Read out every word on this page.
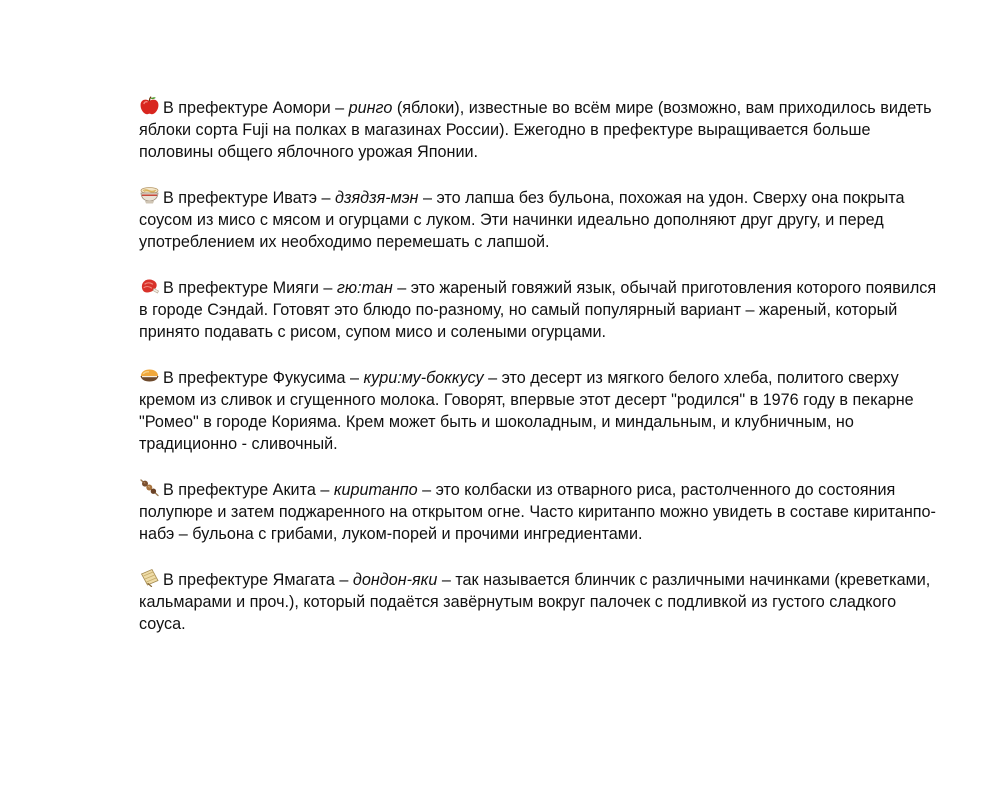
В префектуре Аомори – ринго (яблоки), известные во всём мире (возможно, вам приходилось видеть яблоки сорта Fuji на полках в магазинах России). Ежегодно в префектуре выращивается больше половины общего яблочного урожая Японии.

В префектуре Иватэ – дзядзя-мэн – это лапша без бульона, похожая на удон. Сверху она покрыта соусом из мисо с мясом и огурцами с луком. Эти начинки идеально дополняют друг другу, и перед употреблением их необходимо перемешать с лапшой.

В префектуре Мияги – гю:тан – это жареный говяжий язык, обычай приготовления которого появился в городе Сэндай. Готовят это блюдо по-разному, но самый популярный вариант – жареный, который принято подавать с рисом, супом мисо и солеными огурцами.

В префектуре Фукусима – кури:му-боккусу – это десерт из мягкого белого хлеба, политого сверху кремом из сливок и сгущенного молока. Говорят, впервые этот десерт "родился" в 1976 году в пекарне "Ромео" в городе Корияма. Крем может быть и шоколадным, и миндальным, и клубничным, но традиционно - сливочный.

В префектуре Акита – киританпо – это колбаски из отварного риса, растолченного до состояния полупюре и затем поджаренного на открытом огне. Часто киританпо можно увидеть в составе киританпо-набэ – бульона с грибами, луком-порей и прочими ингредиентами.

В префектуре Ямагата – дондон-яки – так называется блинчик с различными начинками (креветками, кальмарами и проч.), который подаётся завёрнутым вокруг палочек с подливкой из густого сладкого соуса.
